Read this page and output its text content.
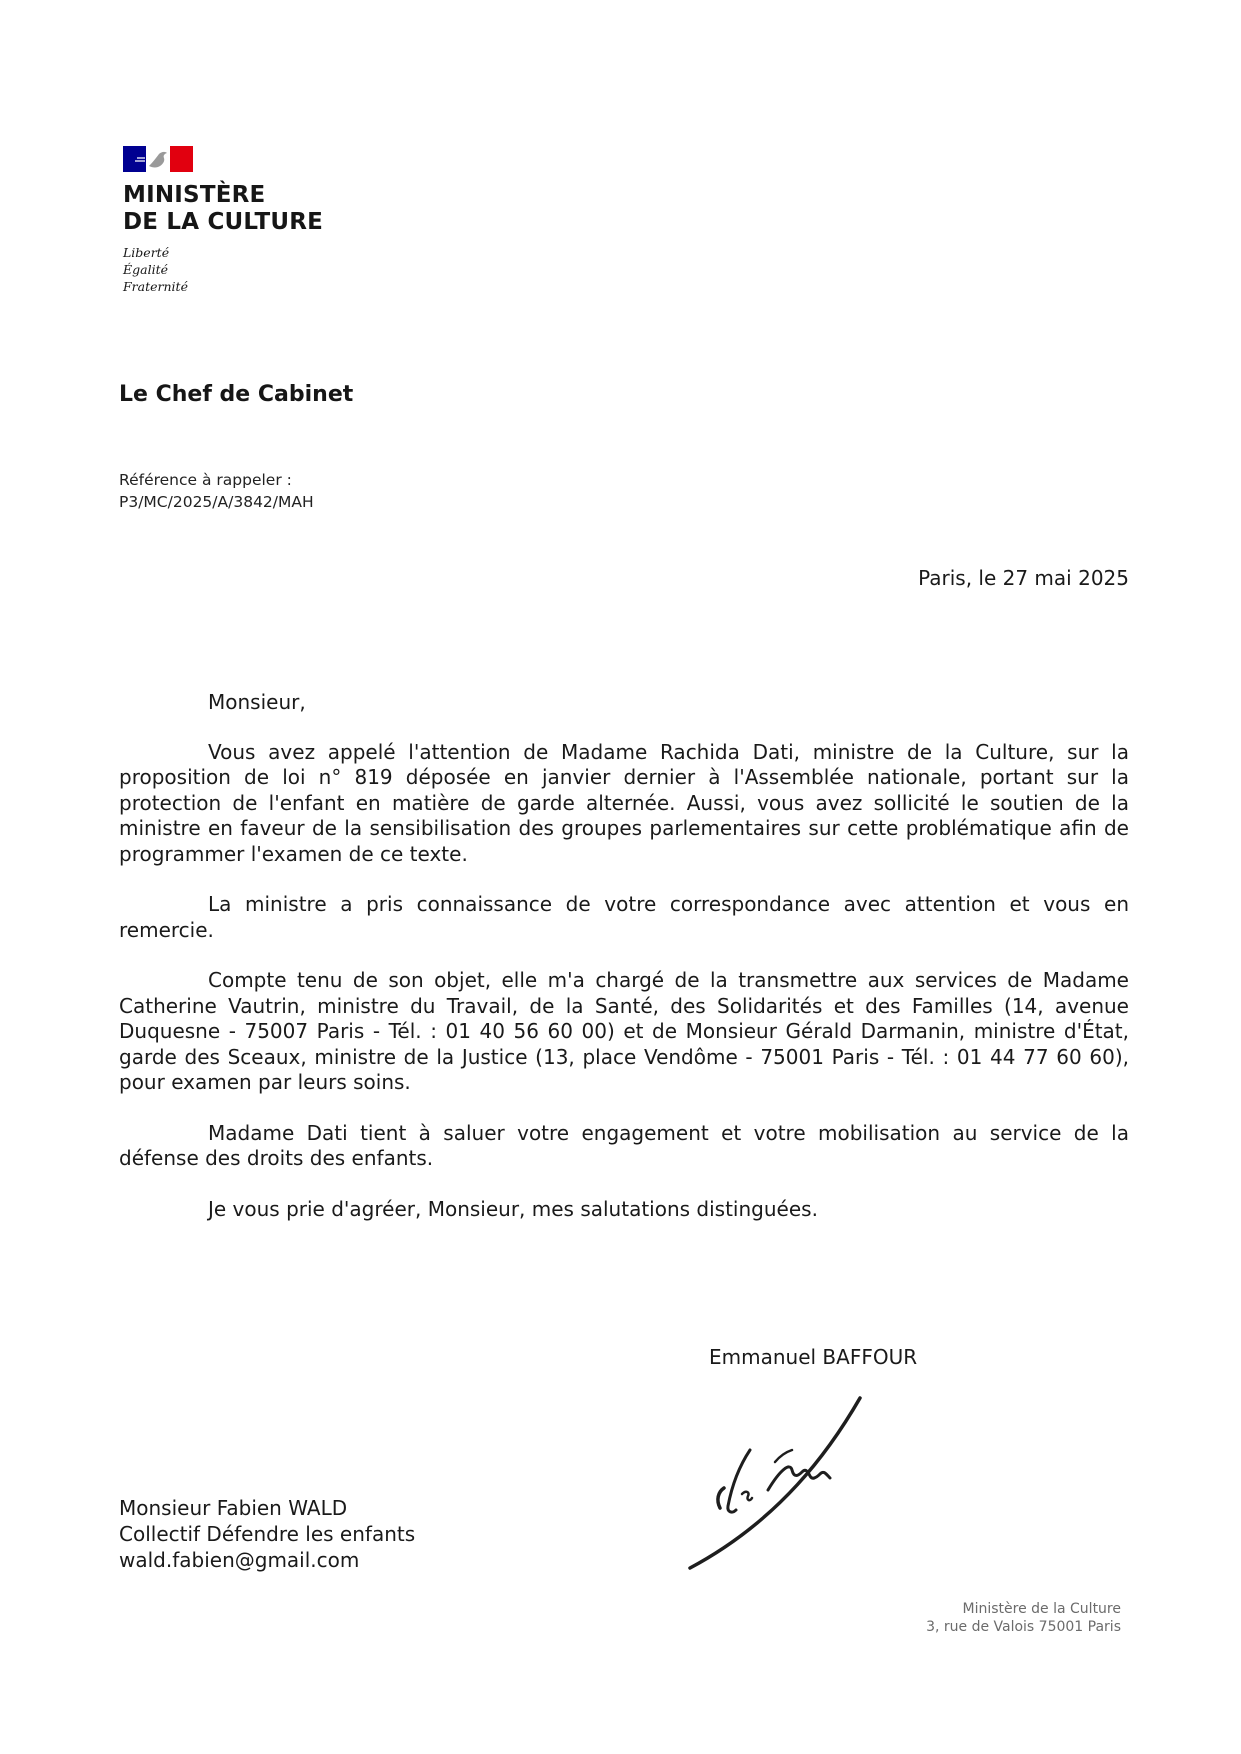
MINISTÈRE
DE LA CULTURE
Liberté
Égalité
Fraternité
Le Chef de Cabinet
Référence à rappeler :
P3/MC/2025/A/3842/MAH
Paris, le 27 mai 2025

Monsieur,

Vous avez appelé l'attention de Madame Rachida Dati, ministre de la Culture, sur la proposition de loi n° 819 déposée en janvier dernier à l'Assemblée nationale, portant sur la protection de l'enfant en matière de garde alternée. Aussi, vous avez sollicité le soutien de la ministre en faveur de la sensibilisation des groupes parlementaires sur cette problématique afin de programmer l'examen de ce texte.

La ministre a pris connaissance de votre correspondance avec attention et vous en remercie.

Compte tenu de son objet, elle m'a chargé de la transmettre aux services de Madame Catherine Vautrin, ministre du Travail, de la Santé, des Solidarités et des Familles (14, avenue Duquesne - 75007 Paris - Tél. : 01 40 56 60 00) et de Monsieur Gérald Darmanin, ministre d'État, garde des Sceaux, ministre de la Justice (13, place Vendôme - 75001 Paris - Tél. : 01 44 77 60 60), pour examen par leurs soins.

Madame Dati tient à saluer votre engagement et votre mobilisation au service de la défense des droits des enfants.

Je vous prie d'agréer, Monsieur, mes salutations distinguées.

Emmanuel BAFFOUR
Monsieur Fabien WALD
Collectif Défendre les enfants
wald.fabien@gmail.com
Ministère de la Culture
3, rue de Valois 75001 Paris
